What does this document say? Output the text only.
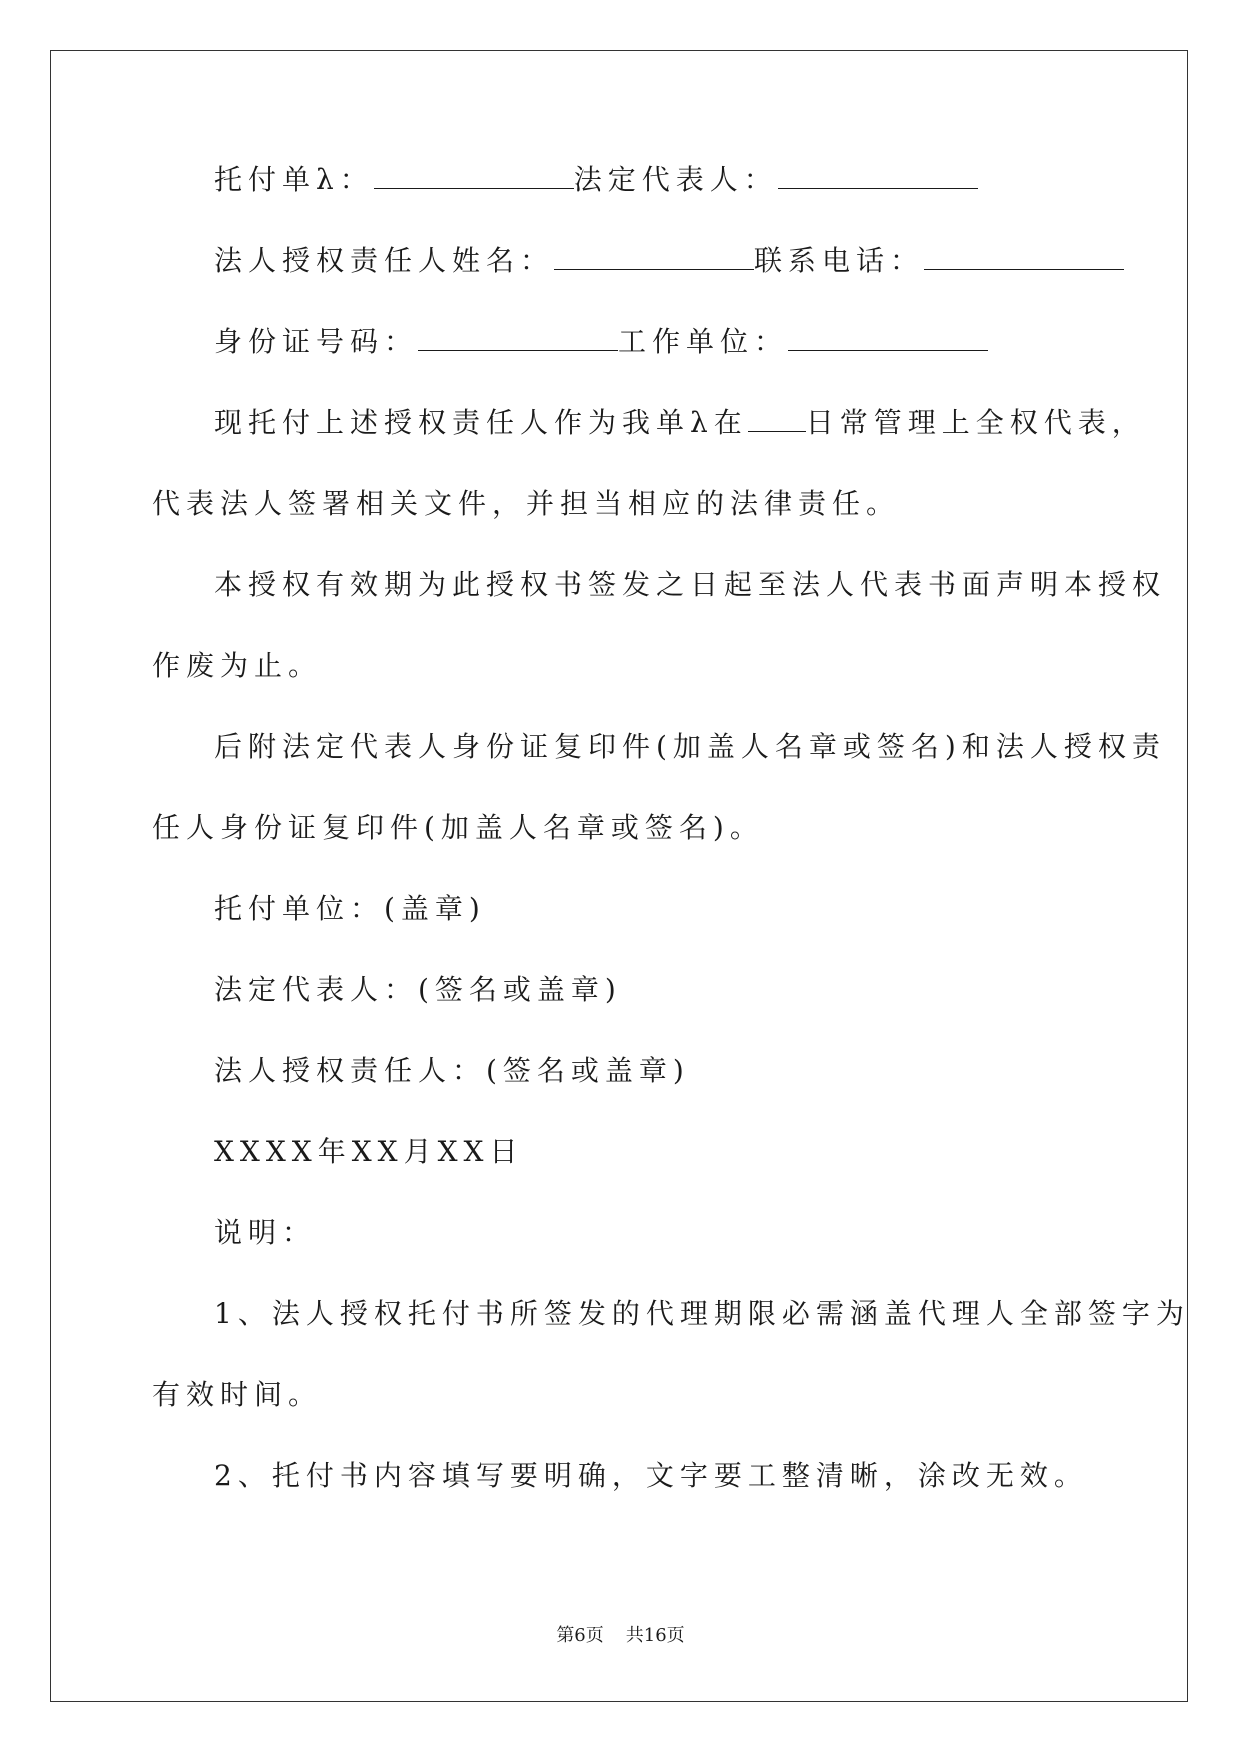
托付单λ：	法定代表人：
法人授权责任人姓名：	联系电话：
身份证号码：	工作单位：
现托付上述授权责任人作为我单λ在 日常管理上全权代表，
代表法人签署相关文件，并担当相应的法律责任。
本授权有效期为此授权书签发之日起至法人代表书面声明本授权
作废为止。
后附法定代表人身份证复印件(加盖人名章或签名)和法人授权责
任人身份证复印件(加盖人名章或签名)。
托付单位：(盖章)
法定代表人：(签名或盖章)
法人授权责任人：(签名或盖章)
XXXX年XX月XX日
说明：
1、法人授权托付书所签发的代理期限必需涵盖代理人全部签字为
有效时间。
2、托付书内容填写要明确，文字要工整清晰，涂改无效。
第6页 共16页
